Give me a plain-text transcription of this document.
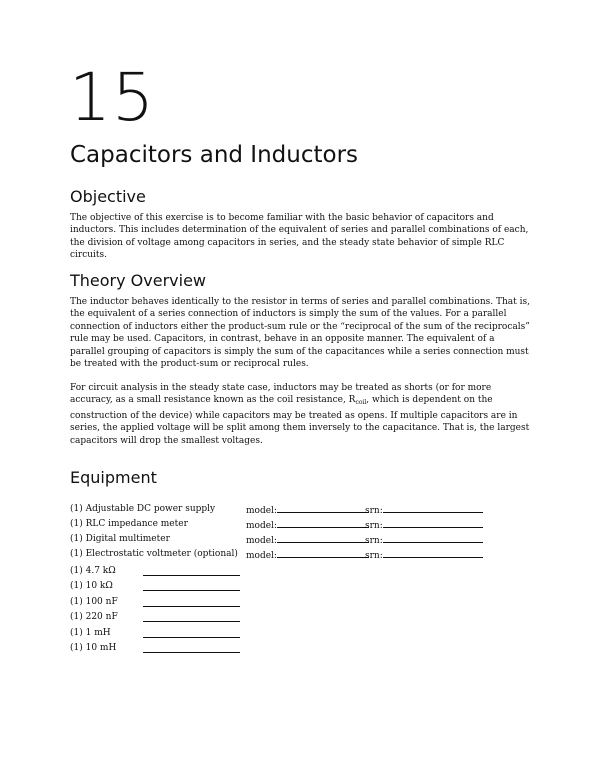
15
Capacitors and Inductors
Objective

The objective of this exercise is to become familiar with the basic behavior of capacitors and inductors. This includes determination of the equivalent of series and parallel combinations of each, the division of voltage among capacitors in series, and the steady state behavior of simple RLC circuits.

Theory Overview

The inductor behaves identically to the resistor in terms of series and parallel combinations. That is, the equivalent of a series connection of inductors is simply the sum of the values. For a parallel connection of inductors either the product-sum rule or the “reciprocal of the sum of the reciprocals” rule may be used. Capacitors, in contrast, behave in an opposite manner. The equivalent of a parallel grouping of capacitors is simply the sum of the capacitances while a series connection must be treated with the product-sum or reciprocal rules.

For circuit analysis in the steady state case, inductors may be treated as shorts (or for more accuracy, as a small resistance known as the coil resistance, $R_{coil}$, which is dependent on the construction of the device) while capacitors may be treated as opens. If multiple capacitors are in series, the applied voltage will be split among them inversely to the capacitance. That is, the largest capacitors will drop the smallest voltages.

Equipment
(1) Adjustable DC power supply	model:	srn:
(1) RLC impedance meter	model:	srn:
(1) Digital multimeter	model:	srn:
(1) Electrostatic voltmeter (optional) model:	srn:
(1) 4.7 kΩ
(1) 10 kΩ
(1) 100 nF
(1) 220 nF
(1) 1 mH
(1) 10 mH
